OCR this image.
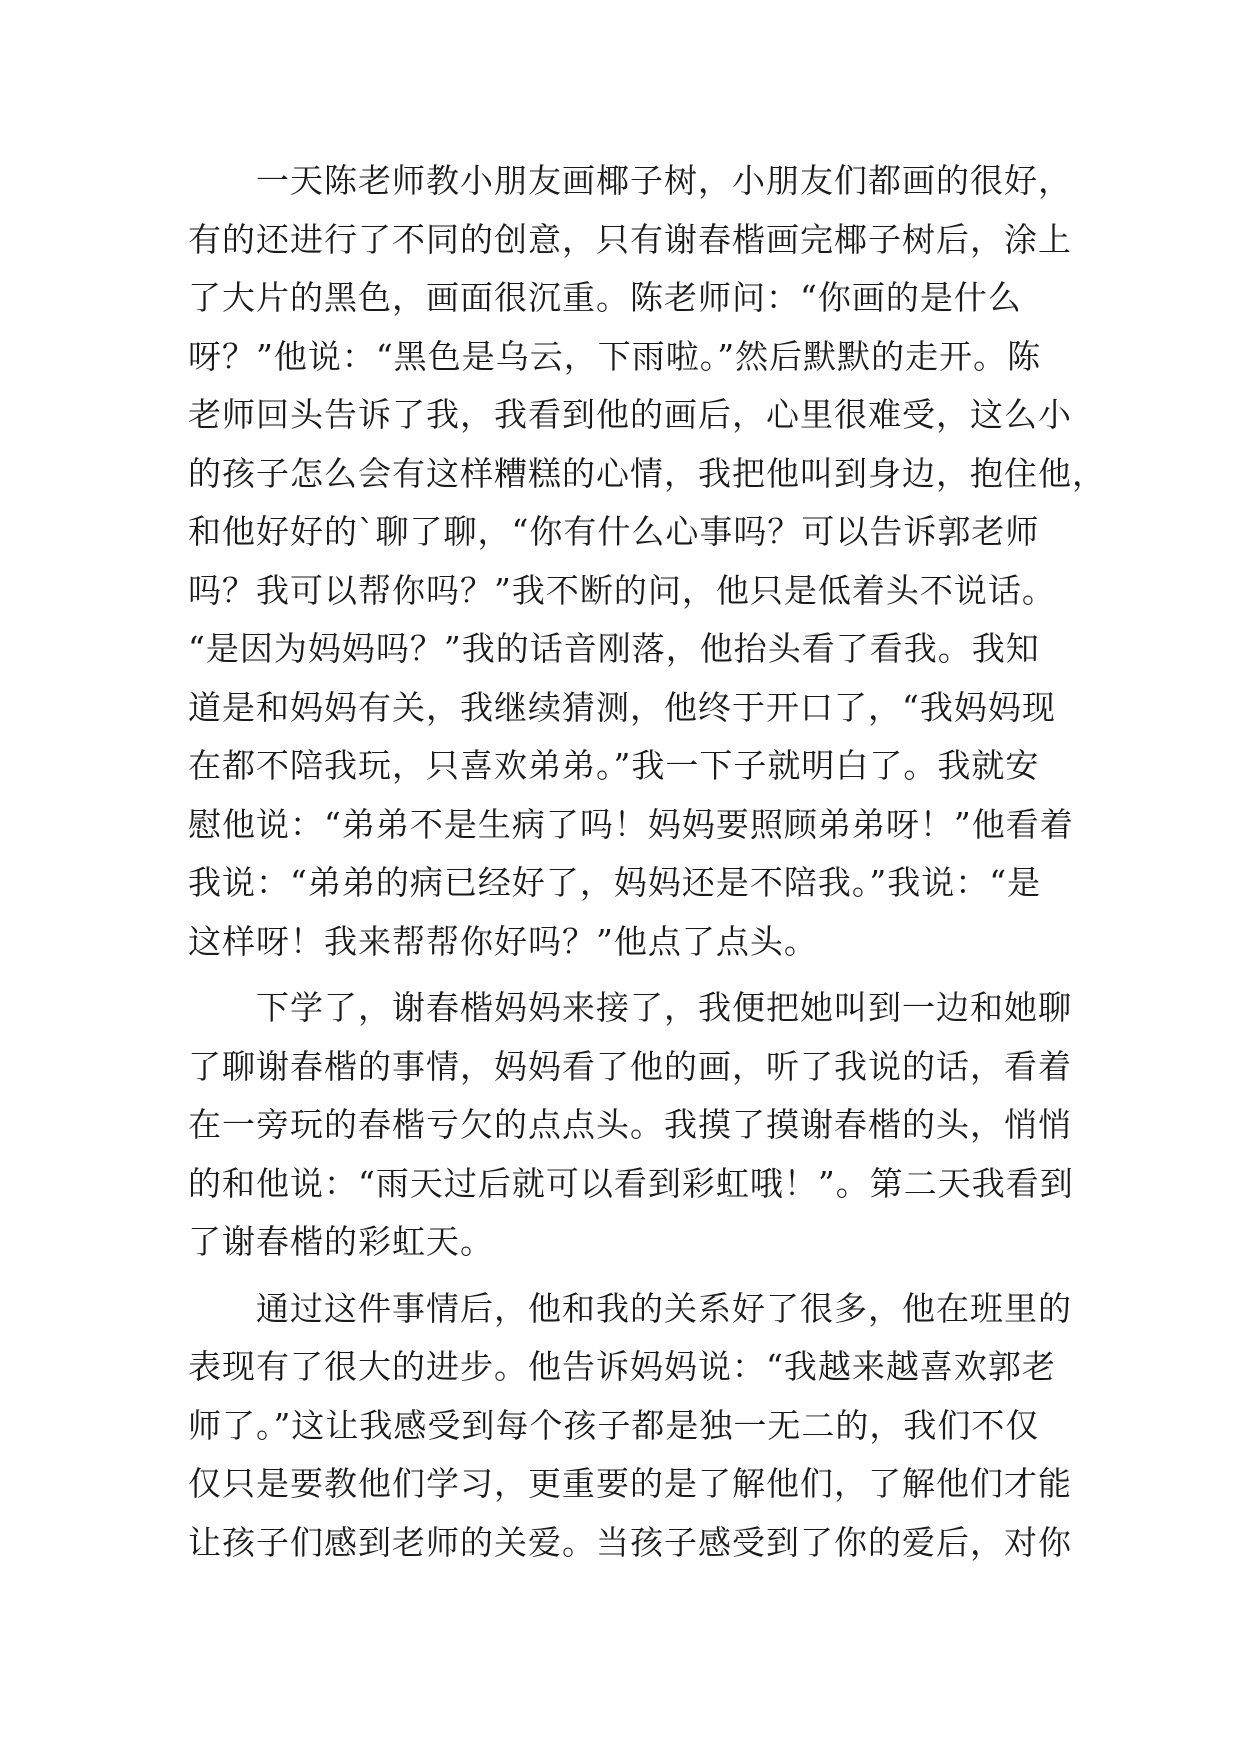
一天陈老师教小朋友画椰子树，小朋友们都画的很好，
有的还进行了不同的创意，只有谢春楷画完椰子树后，涂上
了大片的黑色，画面很沉重。陈老师问：“你画的是什么
呀？”他说：“黑色是乌云，下雨啦。”然后默默的走开。陈
老师回头告诉了我，我看到他的画后，心里很难受，这么小
的孩子怎么会有这样糟糕的心情，我把他叫到身边，抱住他，
和他好好的`聊了聊，“你有什么心事吗？可以告诉郭老师
吗？我可以帮你吗？”我不断的问，他只是低着头不说话。
“是因为妈妈吗？”我的话音刚落，他抬头看了看我。我知
道是和妈妈有关，我继续猜测，他终于开口了，“我妈妈现
在都不陪我玩，只喜欢弟弟。”我一下子就明白了。我就安
慰他说：“弟弟不是生病了吗！妈妈要照顾弟弟呀！”他看着
我说：“弟弟的病已经好了，妈妈还是不陪我。”我说：“是
这样呀！我来帮帮你好吗？”他点了点头。
下学了，谢春楷妈妈来接了，我便把她叫到一边和她聊
了聊谢春楷的事情，妈妈看了他的画，听了我说的话，看着
在一旁玩的春楷亏欠的点点头。我摸了摸谢春楷的头，悄悄
的和他说：“雨天过后就可以看到彩虹哦！”。第二天我看到
了谢春楷的彩虹天。
通过这件事情后，他和我的关系好了很多，他在班里的
表现有了很大的进步。他告诉妈妈说：“我越来越喜欢郭老
师了。”这让我感受到每个孩子都是独一无二的，我们不仅
仅只是要教他们学习，更重要的是了解他们，了解他们才能
让孩子们感到老师的关爱。当孩子感受到了你的爱后，对你
